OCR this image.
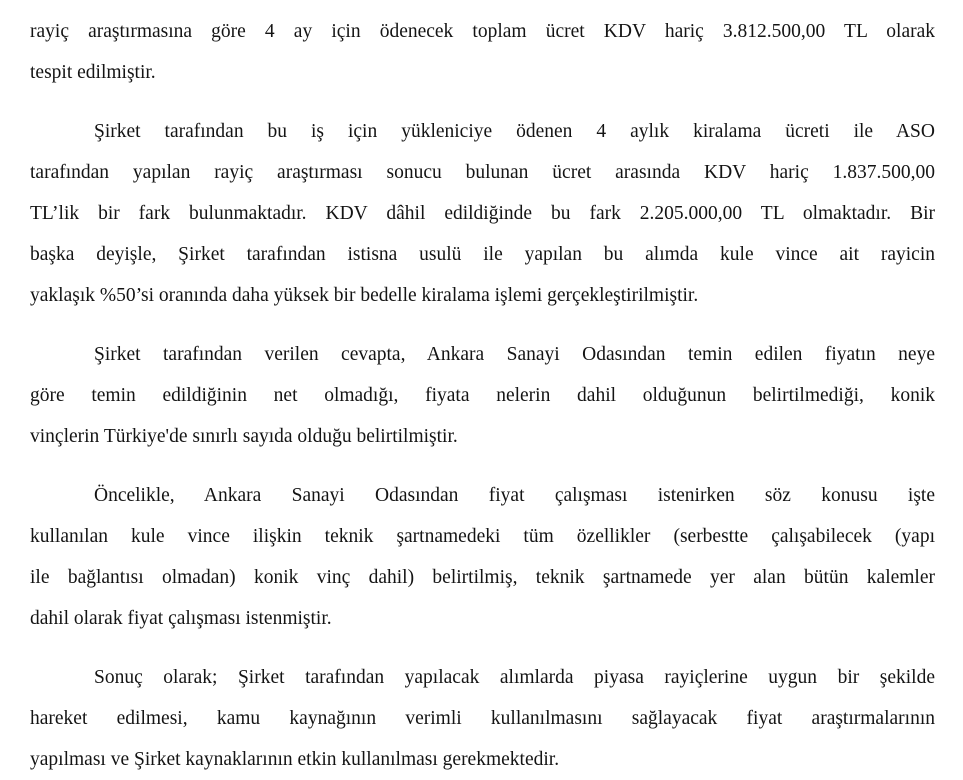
rayiç araştırmasına göre 4 ay için ödenecek toplam ücret KDV hariç 3.812.500,00 TL olarak
tespit edilmiştir.
Şirket tarafından bu iş için yükleniciye ödenen 4 aylık kiralama ücreti ile ASO
tarafından yapılan rayiç araştırması sonucu bulunan ücret arasında KDV hariç 1.837.500,00
TL’lik bir fark bulunmaktadır. KDV dâhil edildiğinde bu fark 2.205.000,00 TL olmaktadır. Bir
başka deyişle, Şirket tarafından istisna usulü ile yapılan bu alımda kule vince ait rayicin
yaklaşık %50’si oranında daha yüksek bir bedelle kiralama işlemi gerçekleştirilmiştir.
Şirket tarafından verilen cevapta, Ankara Sanayi Odasından temin edilen fiyatın neye
göre temin edildiğinin net olmadığı, fiyata nelerin dahil olduğunun belirtilmediği, konik
vinçlerin Türkiye'de sınırlı sayıda olduğu belirtilmiştir.
Öncelikle, Ankara Sanayi Odasından fiyat çalışması istenirken söz konusu işte
kullanılan kule vince ilişkin teknik şartnamedeki tüm özellikler (serbestte çalışabilecek (yapı
ile bağlantısı olmadan) konik vinç dahil) belirtilmiş, teknik şartnamede yer alan bütün kalemler
dahil olarak fiyat çalışması istenmiştir.
Sonuç olarak; Şirket tarafından yapılacak alımlarda piyasa rayiçlerine uygun bir şekilde
hareket edilmesi, kamu kaynağının verimli kullanılmasını sağlayacak fiyat araştırmalarının
yapılması ve Şirket kaynaklarının etkin kullanılması gerekmektedir.
